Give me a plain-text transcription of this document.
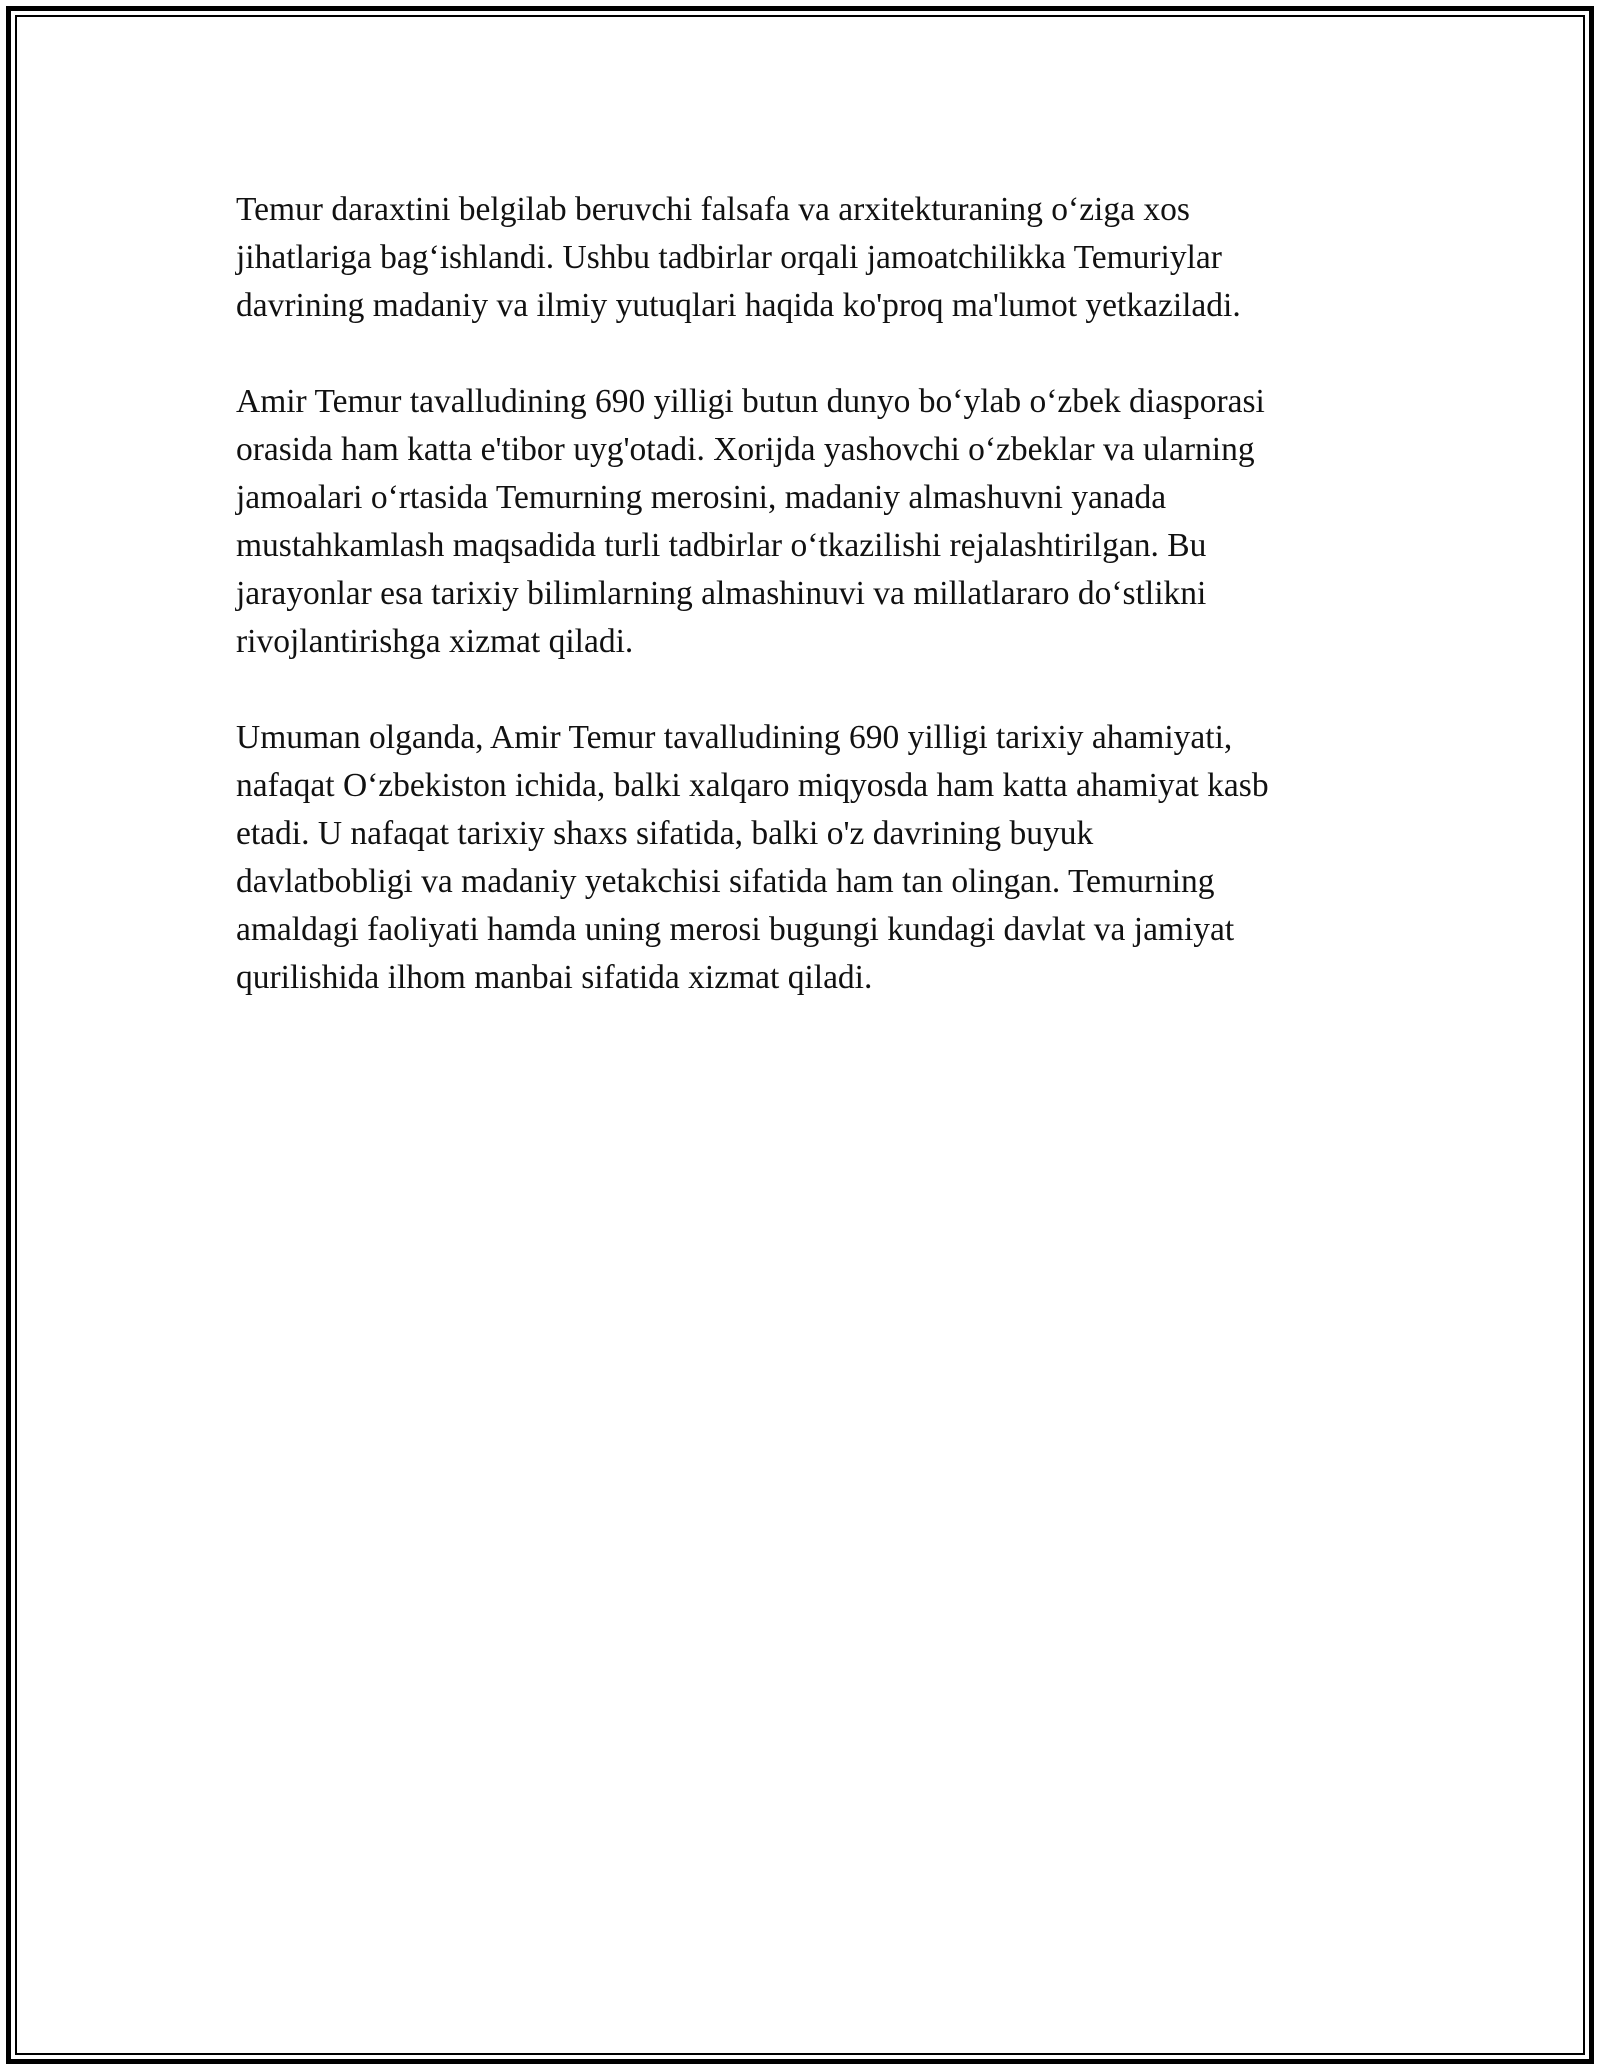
Temur daraxtini belgilab beruvchi falsafa va arxitekturaning o‘ziga xos
jihatlariga bag‘ishlandi. Ushbu tadbirlar orqali jamoatchilikka Temuriylar
davrining madaniy va ilmiy yutuqlari haqida ko'proq ma'lumot yetkaziladi.

Amir Temur tavalludining 690 yilligi butun dunyo bo‘ylab o‘zbek diasporasi
orasida ham katta e'tibor uyg'otadi. Xorijda yashovchi o‘zbeklar va ularning
jamoalari o‘rtasida Temurning merosini, madaniy almashuvni yanada
mustahkamlash maqsadida turli tadbirlar o‘tkazilishi rejalashtirilgan. Bu
jarayonlar esa tarixiy bilimlarning almashinuvi va millatlararo do‘stlikni
rivojlantirishga xizmat qiladi.

Umuman olganda, Amir Temur tavalludining 690 yilligi tarixiy ahamiyati,
nafaqat O‘zbekiston ichida, balki xalqaro miqyosda ham katta ahamiyat kasb
etadi. U nafaqat tarixiy shaxs sifatida, balki o'z davrining buyuk
davlatbobligi va madaniy yetakchisi sifatida ham tan olingan. Temurning
amaldagi faoliyati hamda uning merosi bugungi kundagi davlat va jamiyat
qurilishida ilhom manbai sifatida xizmat qiladi.
